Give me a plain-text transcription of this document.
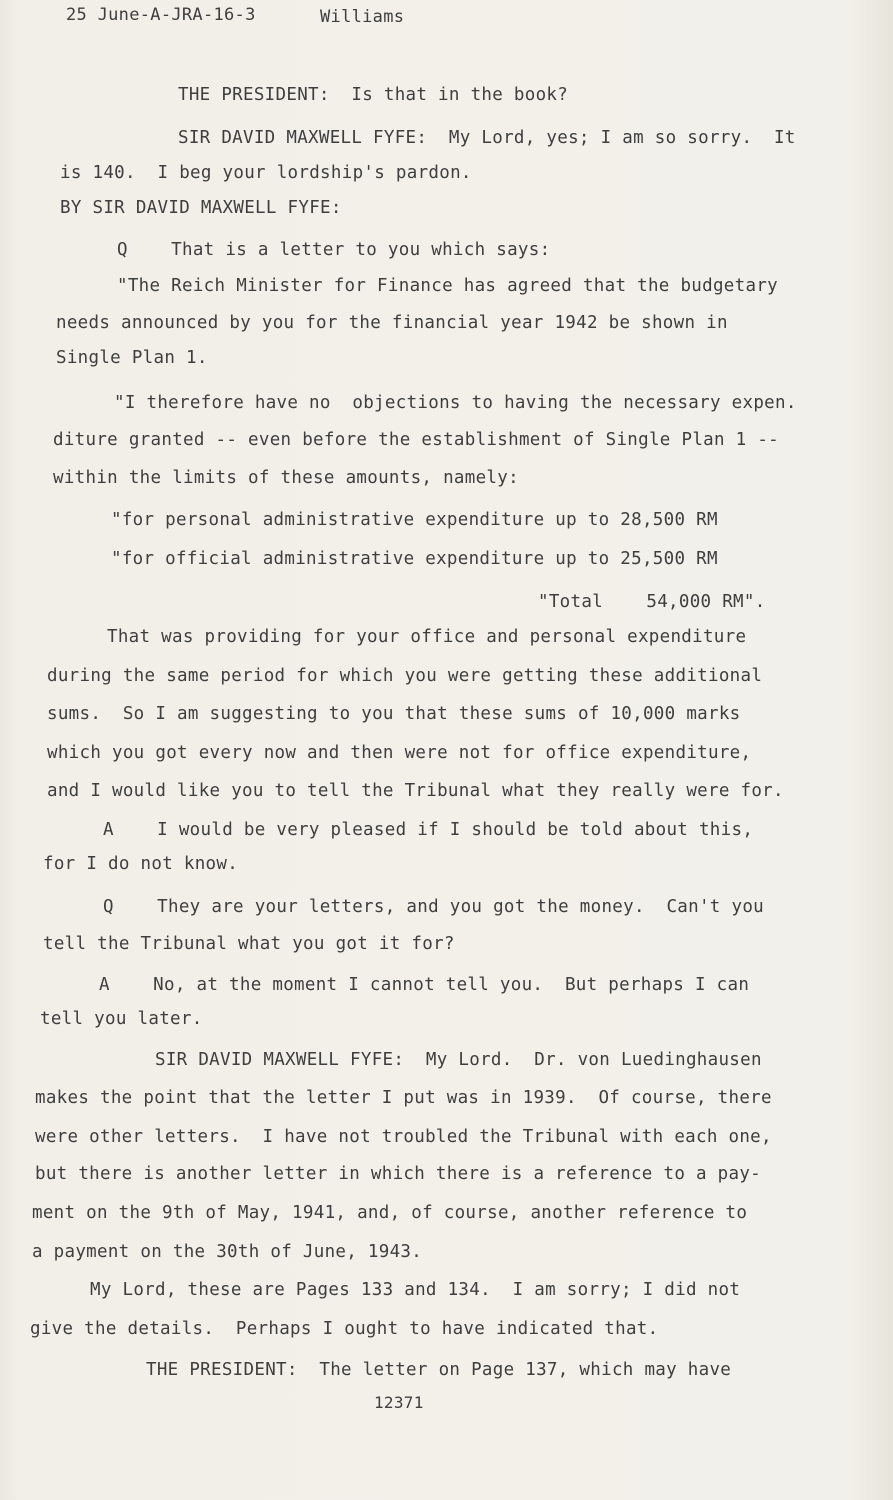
25 June-A-JRA-16-3	Williams
THE PRESIDENT:  Is that in the book?
SIR DAVID MAXWELL FYFE:  My Lord, yes; I am so sorry.  It
is 140.  I beg your lordship's pardon.
BY SIR DAVID MAXWELL FYFE:
Q    That is a letter to you which says:
"The Reich Minister for Finance has agreed that the budgetary
needs announced by you for the financial year 1942 be shown in
Single Plan 1.
"I therefore have no  objections to having the necessary expen.
diture granted -- even before the establishment of Single Plan 1 --
within the limits of these amounts, namely:
"for personal administrative expenditure up to 28,500 RM
"for official administrative expenditure up to 25,500 RM
"Total    54,000 RM".
That was providing for your office and personal expenditure
during the same period for which you were getting these additional
sums.  So I am suggesting to you that these sums of 10,000 marks
which you got every now and then were not for office expenditure,
and I would like you to tell the Tribunal what they really were for.
A    I would be very pleased if I should be told about this,
for I do not know.
Q    They are your letters, and you got the money.  Can't you
tell the Tribunal what you got it for?
A    No, at the moment I cannot tell you.  But perhaps I can
tell you later.
SIR DAVID MAXWELL FYFE:  My Lord.  Dr. von Luedinghausen
makes the point that the letter I put was in 1939.  Of course, there
were other letters.  I have not troubled the Tribunal with each one,
but there is another letter in which there is a reference to a pay-
ment on the 9th of May, 1941, and, of course, another reference to
a payment on the 30th of June, 1943.
My Lord, these are Pages 133 and 134.  I am sorry; I did not
give the details.  Perhaps I ought to have indicated that.
THE PRESIDENT:  The letter on Page 137, which may have
12371
